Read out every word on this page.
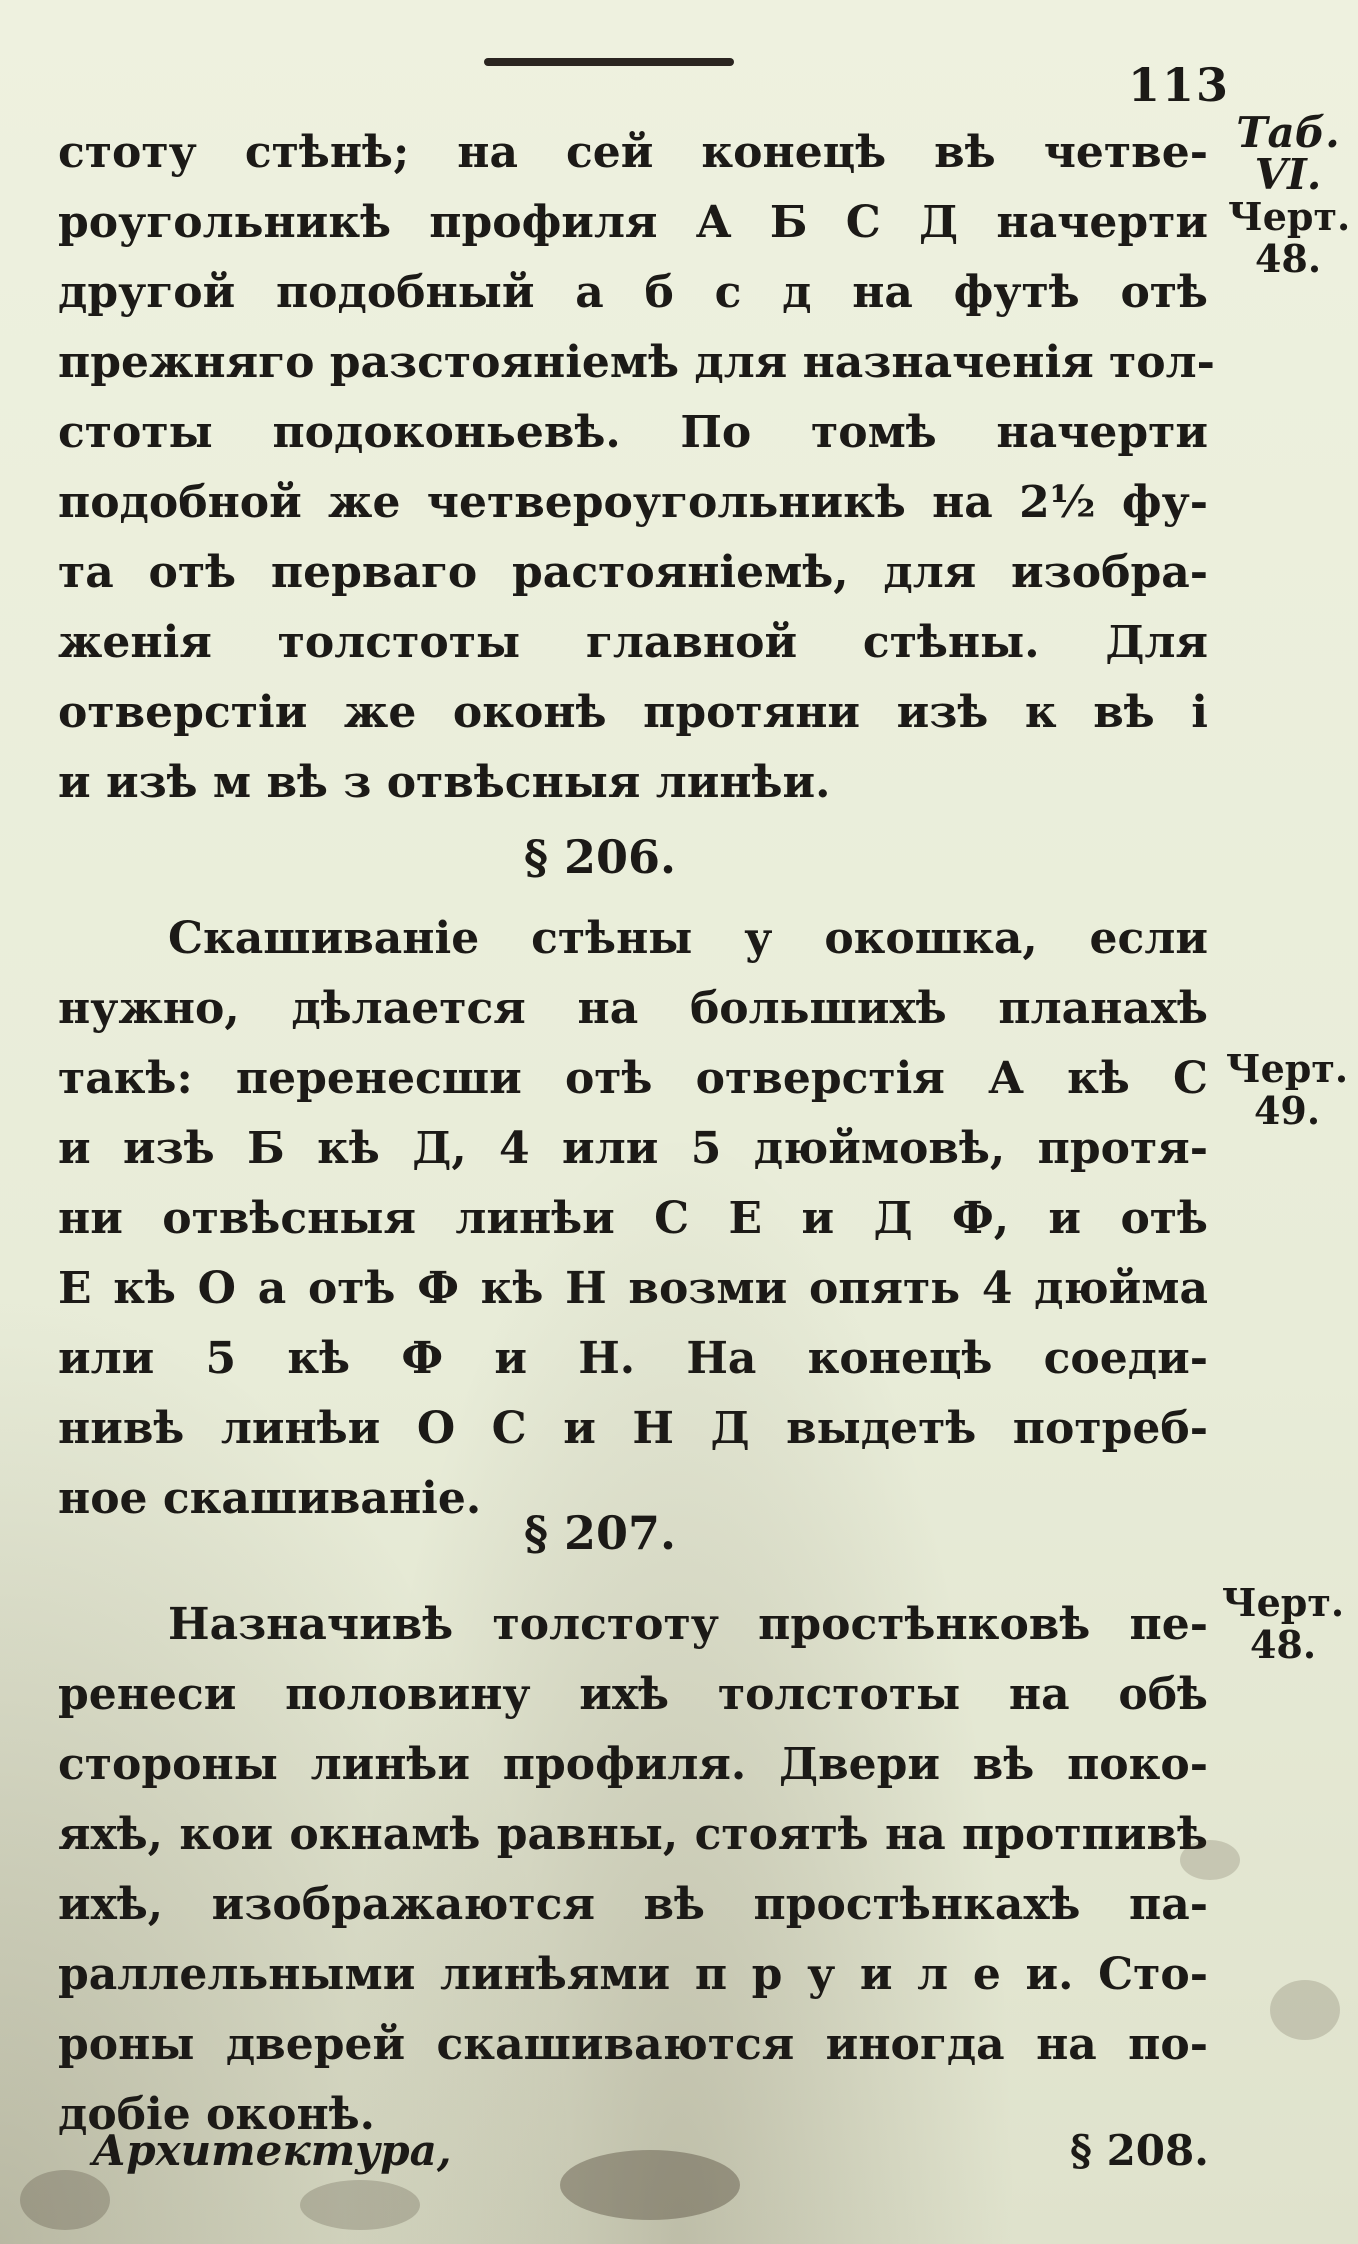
113
Таб.
VI.
Черт.
48.
Черт.
49.
Черт.
48.
стоту стѣнѣ; на сей конецѣ вѣ четве-
роугольникѣ профиля А Б С Д начерти
другой подобный а б с д на футѣ отѣ
прежняго разстояніемѣ для назначенія тол-
стоты подоконьевѣ. По томѣ начерти
подобной же четвероугольникѣ на 2½ фу-
та отѣ перваго растояніемѣ, для изобра-
женія толстоты главной стѣны. Для
отверстіи же оконѣ протяни изѣ к вѣ і
и изѣ м вѣ з отвѣсныя линѣи.
§ 206.
Скашиваніе стѣны у окошка, если
нужно, дѣлается на большихѣ планахѣ
такѣ: перенесши отѣ отверстія А кѣ С
и изѣ Б кѣ Д, 4 или 5 дюймовѣ, протя-
ни отвѣсныя линѣи С Е и Д Ф, и отѣ
Е кѣ О а отѣ Ф кѣ Н возми опять 4 дюйма
или 5 кѣ Ф и Н. На конецѣ соеди-
нивѣ линѣи О С и Н Д выдетѣ потреб-
ное скашиваніе.
§ 207.
Назначивѣ толстоту простѣнковѣ пе-
ренеси половину ихѣ толстоты на обѣ
стороны линѣи профиля. Двери вѣ поко-
яхѣ, кои окнамѣ равны, стоятѣ на протпивѣ
ихѣ, изображаются вѣ простѣнкахѣ па-
раллельными линѣями п р у и л е и. Сто-
роны дверей скашиваются иногда на по-
добіе оконѣ.
Архитектура,	§ 208.
